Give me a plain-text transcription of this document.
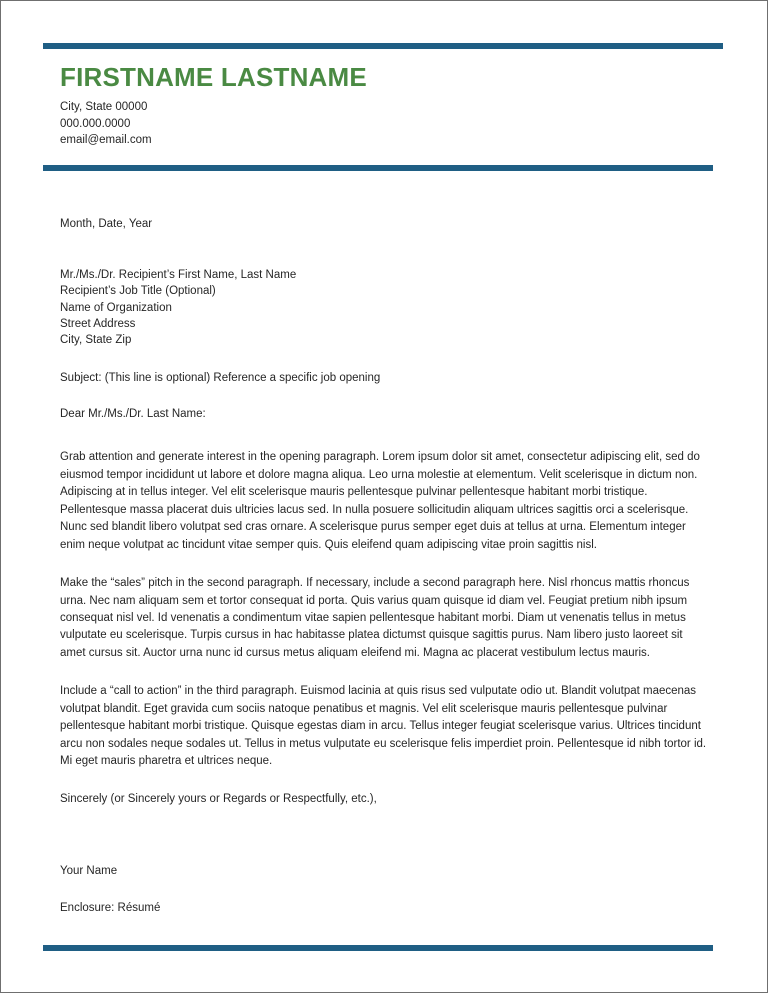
FIRSTNAME LASTNAME
City, State 00000
000.000.0000
email@email.com
Month, Date, Year
Mr./Ms./Dr. Recipient’s First Name, Last Name
Recipient’s Job Title (Optional)
Name of Organization
Street Address
City, State Zip
Subject: (This line is optional) Reference a specific job opening
Dear Mr./Ms./Dr. Last Name:

Grab attention and generate interest in the opening paragraph. Lorem ipsum dolor sit amet, consectetur adipiscing elit, sed do eiusmod tempor incididunt ut labore et dolore magna aliqua. Leo urna molestie at elementum. Velit scelerisque in dictum non. Adipiscing at in tellus integer. Vel elit scelerisque mauris pellentesque pulvinar pellentesque habitant morbi tristique. Pellentesque massa placerat duis ultricies lacus sed. In nulla posuere sollicitudin aliquam ultrices sagittis orci a scelerisque. Nunc sed blandit libero volutpat sed cras ornare. A scelerisque purus semper eget duis at tellus at urna. Elementum integer enim neque volutpat ac tincidunt vitae semper quis. Quis eleifend quam adipiscing vitae proin sagittis nisl.

Make the “sales” pitch in the second paragraph. If necessary, include a second paragraph here. Nisl rhoncus mattis rhoncus urna. Nec nam aliquam sem et tortor consequat id porta. Quis varius quam quisque id diam vel. Feugiat pretium nibh ipsum consequat nisl vel. Id venenatis a condimentum vitae sapien pellentesque habitant morbi. Diam ut venenatis tellus in metus vulputate eu scelerisque. Turpis cursus in hac habitasse platea dictumst quisque sagittis purus. Nam libero justo laoreet sit amet cursus sit. Auctor urna nunc id cursus metus aliquam eleifend mi. Magna ac placerat vestibulum lectus mauris.

Include a “call to action” in the third paragraph. Euismod lacinia at quis risus sed vulputate odio ut. Blandit volutpat maecenas volutpat blandit. Eget gravida cum sociis natoque penatibus et magnis. Vel elit scelerisque mauris pellentesque pulvinar pellentesque habitant morbi tristique. Quisque egestas diam in arcu. Tellus integer feugiat scelerisque varius. Ultrices tincidunt arcu non sodales neque sodales ut. Tellus in metus vulputate eu scelerisque felis imperdiet proin. Pellentesque id nibh tortor id. Mi eget mauris pharetra et ultrices neque.

Sincerely (or Sincerely yours or Regards or Respectfully, etc.),
Your Name
Enclosure: Résumé
